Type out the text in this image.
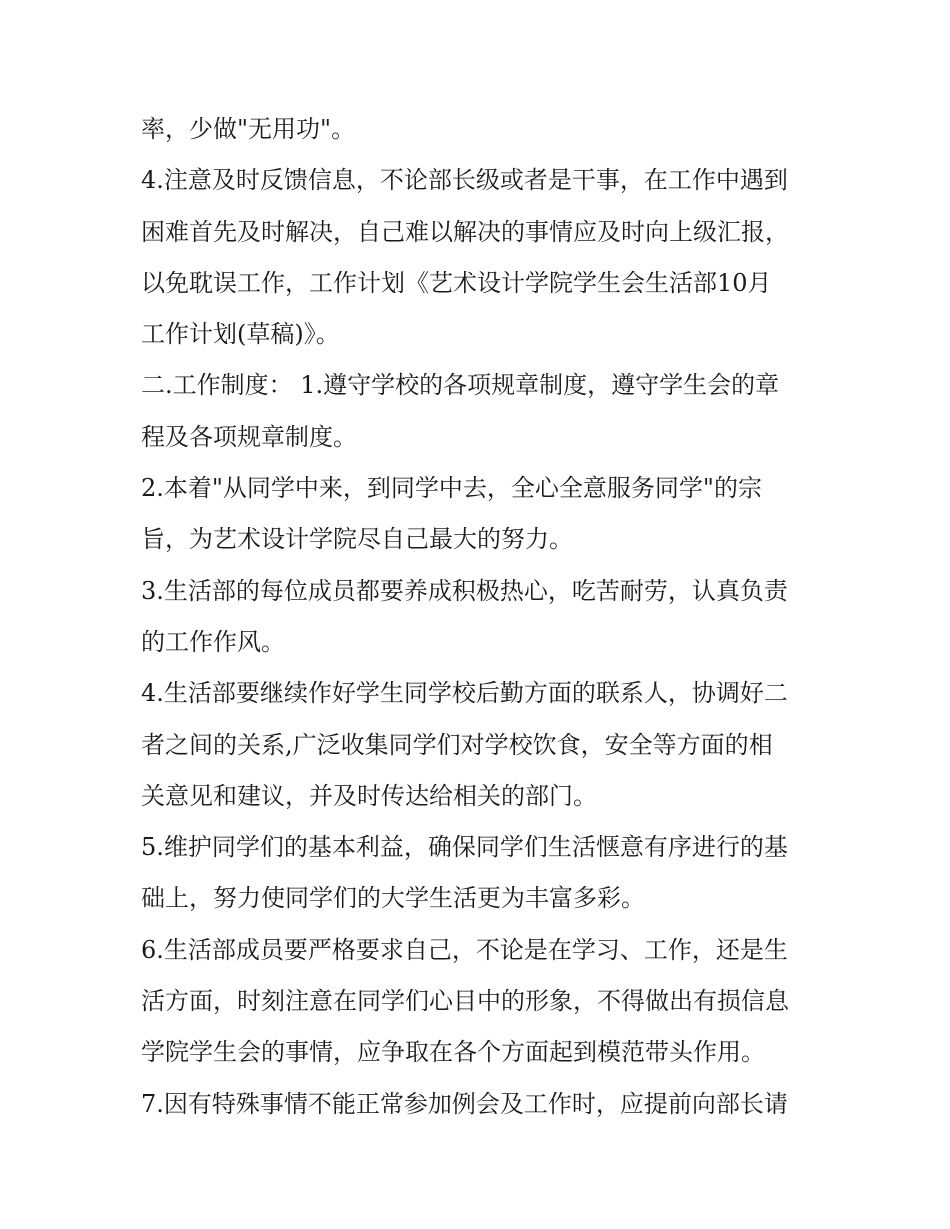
率，少做"无用功"。
4.注意及时反馈信息，不论部长级或者是干事，在工作中遇到
困难首先及时解决，自己难以解决的事情应及时向上级汇报，
以免耽误工作，工作计划《艺术设计学院学生会生活部10月
工作计划(草稿)》。
二.工作制度： 1.遵守学校的各项规章制度，遵守学生会的章
程及各项规章制度。
2.本着"从同学中来，到同学中去，全心全意服务同学"的宗
旨，为艺术设计学院尽自己最大的努力。
3.生活部的每位成员都要养成积极热心，吃苦耐劳，认真负责
的工作作风。
4.生活部要继续作好学生同学校后勤方面的联系人，协调好二
者之间的关系,广泛收集同学们对学校饮食，安全等方面的相
关意见和建议，并及时传达给相关的部门。
5.维护同学们的基本利益，确保同学们生活惬意有序进行的基
础上，努力使同学们的大学生活更为丰富多彩。
6.生活部成员要严格要求自己，不论是在学习、工作，还是生
活方面，时刻注意在同学们心目中的形象，不得做出有损信息
学院学生会的事情，应争取在各个方面起到模范带头作用。
7.因有特殊事情不能正常参加例会及工作时，应提前向部长请
